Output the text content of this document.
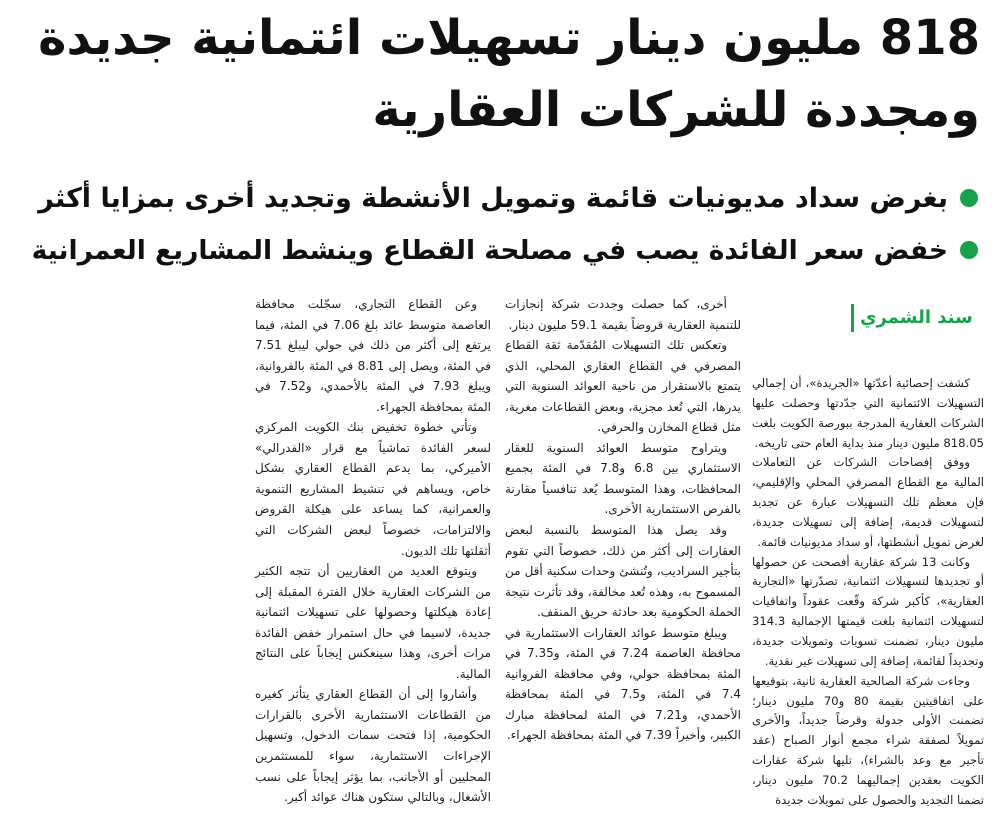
818 مليون دينار تسهيلات ائتمانية جديدة
ومجددة للشركات العقارية
بغرض سداد مديونيات قائمة وتمويل الأنشطة وتجديد أخرى بمزايا أكثر
خفض سعر الفائدة يصب في مصلحة القطاع وينشط المشاريع العمرانية
سند الشمري

كشفت إحصائية أعدّتها «الجريدة»، أن إجمالي التسهيلات الائتمانية التي جدّدتها وحصلت عليها الشركات العقارية المدرجة ببورصة الكويت بلغت 818.05 مليون دينار منذ بداية العام حتى تاريخه.

ووفق إفصاحات الشركات عن التعاملات المالية مع القطاع المصرفي المحلي والإقليمي، فإن معظم تلك التسهيلات عبارة عن تجديد لتسهيلات قديمة، إضافة إلى تسهيلات جديدة، لغرض تمويل أنشطتها، أو سداد مديونيات قائمة.

وكانت 13 شركة عقارية أفصحت عن حصولها أو تجديدها لتسهيلات ائتمانية، تصدّرتها «التجارية العقارية»، كأكبر شركة وقّعت عقوداً واتفاقيات لتسهيلات ائتمانية بلغت قيمتها الإجمالية 314.3 مليون دينار، تضمنت تسويات وتمويلات جديدة، وتجديداً لقائمة، إضافة إلى تسهيلات غير نقدية.

وجاءت شركة الصالحية العقارية ثانية، بتوقيعها على اتفاقيتين بقيمة 80 و70 مليون دينار؛ تضمنت الأولى جدولة وقرضاً جديداً، والأخرى تمويلاً لصفقة شراء مجمع أنوار الصباح (عقد تأجير مع وعد بالشراء)، تليها شركة عقارات الكويت بعقدين إجماليهما 70.2 مليون دينار، تضمنا التجديد والحصول على تمويلات جديدة

أخرى، كما حصلت وجددت شركة إنجازات للتنمية العقارية قروضاً بقيمة 59.1 مليون دينار.

وتعكس تلك التسهيلات المُقدّمة ثقة القطاع المصرفي في القطاع العقاري المحلي، الذي يتمتع بالاستقرار من ناحية العوائد السنوية التي يدرها، التي تُعد مجزية، وبعض القطاعات مغرية، مثل قطاع المخازن والحرفي.

ويتراوح متوسط العوائد السنوية للعقار الاستثماري بين 6.8 و7.8 في المئة بجميع المحافظات، وهذا المتوسط يُعد تنافسياً مقارنة بالفرص الاستثمارية الأخرى.

وقد يصل هذا المتوسط بالنسبة لبعض العقارات إلى أكثر من ذلك، خصوصاً التي تقوم بتأجير السراديب، وتُنشئ وحدات سكنية أقل من المسموح به، وهذه تُعد مخالفة، وقد تأثرت نتيجة الحملة الحكومية بعد حادثة حريق المنقف.

ويبلغ متوسط عوائد العقارات الاستثمارية في محافظة العاصمة 7.24 في المئة، و7.35 في المئة بمحافظة حولي، وفي محافظة الفروانية 7.4 في المئة، و7.5 في المئة بمحافظة الأحمدي، و7.21 في المئة لمحافظة مبارك الكبير، وأخيراً 7.39 في المئة بمحافظة الجهراء.

وعن القطاع التجاري، سجّلت محافظة العاصمة متوسط عائد بلغ 7.06 في المئة، فيما يرتفع إلى أكثر من ذلك في حولي ليبلغ 7.51 في المئة، ويصل إلى 8.81 في المئة بالفروانية، ويبلغ 7.93 في المئة بالأحمدي، و7.52 في المئة بمحافظة الجهراء.

وتأتي خطوة تخفيض بنك الكويت المركزي لسعر الفائدة تماشياً مع قرار «الفدرالي» الأميركي، بما يدعم القطاع العقاري بشكل خاص، ويساهم في تنشيط المشاريع التنموية والعمرانية، كما يساعد على هيكلة القروض والالتزامات، خصوصاً لبعض الشركات التي أثقلتها تلك الديون.

ويتوقع العديد من العقاريين أن تتجه الكثير من الشركات العقارية خلال الفترة المقبلة إلى إعادة هيكلتها وحصولها على تسهيلات ائتمانية جديدة، لاسيما في حال استمرار خفض الفائدة مرات أخرى، وهذا سينعكس إيجاباً على النتائج المالية.

وأشاروا إلى أن القطاع العقاري يتأثر كغيره من القطاعات الاستثمارية الأخرى بالقرارات الحكومية، إذا فتحت سمات الدخول، وتسهيل الإجراءات الاستثمارية، سواء للمستثمرين المحليين أو الأجانب، بما يؤثر إيجاباً على نسب الأشغال، وبالتالي ستكون هناك عوائد أكبر.
